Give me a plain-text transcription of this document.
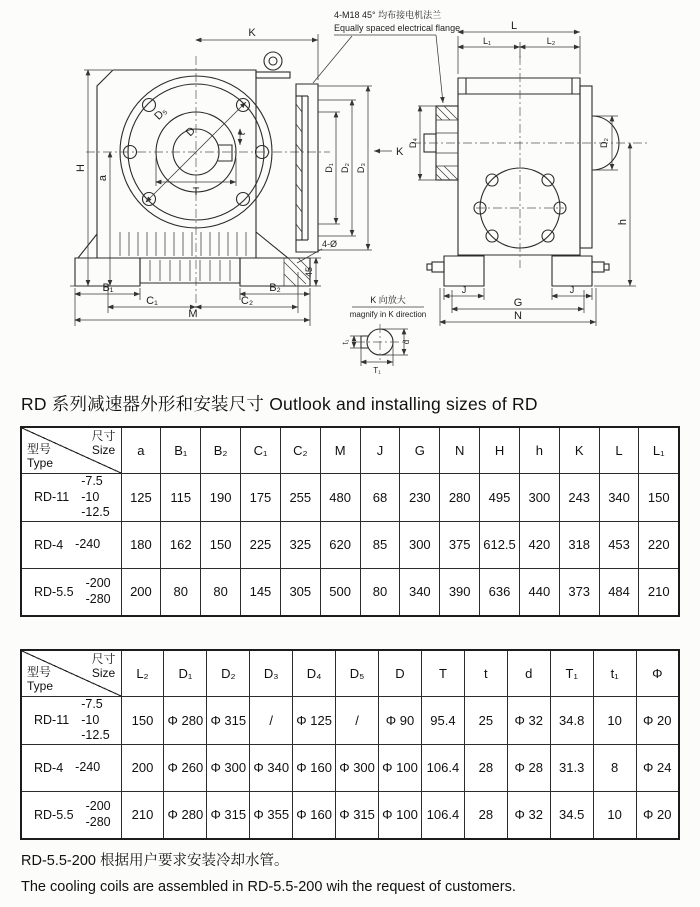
D₅
D
T
t
H
a
K
B₁	B₂
C₁	C₂
M
45
4-Ø
D₁ D₂ D₃
K
4-M18 45° 均布接电机法兰
Equally spaced electrical flange	L
L₁	L₂
D₄	D₂
h
J	J
G
N
K 向放大
magnify in K direction
t₁
T₁
d
RD 系列减速器外形和安装尺寸 Outlook and installing sizes of RD
尺寸
Size
型号
Type	a	B₁	B₂	C₁	C₂	M	J	G	N	H	h	K	L	L₁

RD-11
-7.5
-10
-12.5	125	115	190	175	255	480	68	230	280	495	300	243	340	150

RD-4 -240	180	162	150	225	325	620	85	300	375	612.5	420	318	453	220

RD-5.5
-200
-280	200	80	80	145	305	500	80	340	390	636	440	373	484	210
尺寸
Size
型号
Type	L₂	D₁	D₂	D₃	D₄	D₅	D	T	t	d	T₁	t₁	Φ

RD-11
-7.5
-10
-12.5	150	Φ 280	Φ 315	/	Φ 125	/	Φ 90	95.4	25	Φ 32	34.8	10	Φ 20

RD-4 -240	200	Φ 260	Φ 300	Φ 340	Φ 160	Φ 300	Φ 100	106.4	28	Φ 28	31.3	8	Φ 24

RD-5.5
-200
-280	210	Φ 280	Φ 315	Φ 355	Φ 160	Φ 315	Φ 100	106.4	28	Φ 32	34.5	10	Φ 20
RD-5.5-200 根据用户要求安装冷却水管。
The cooling coils are assembled in RD-5.5-200 wih the request of customers.
